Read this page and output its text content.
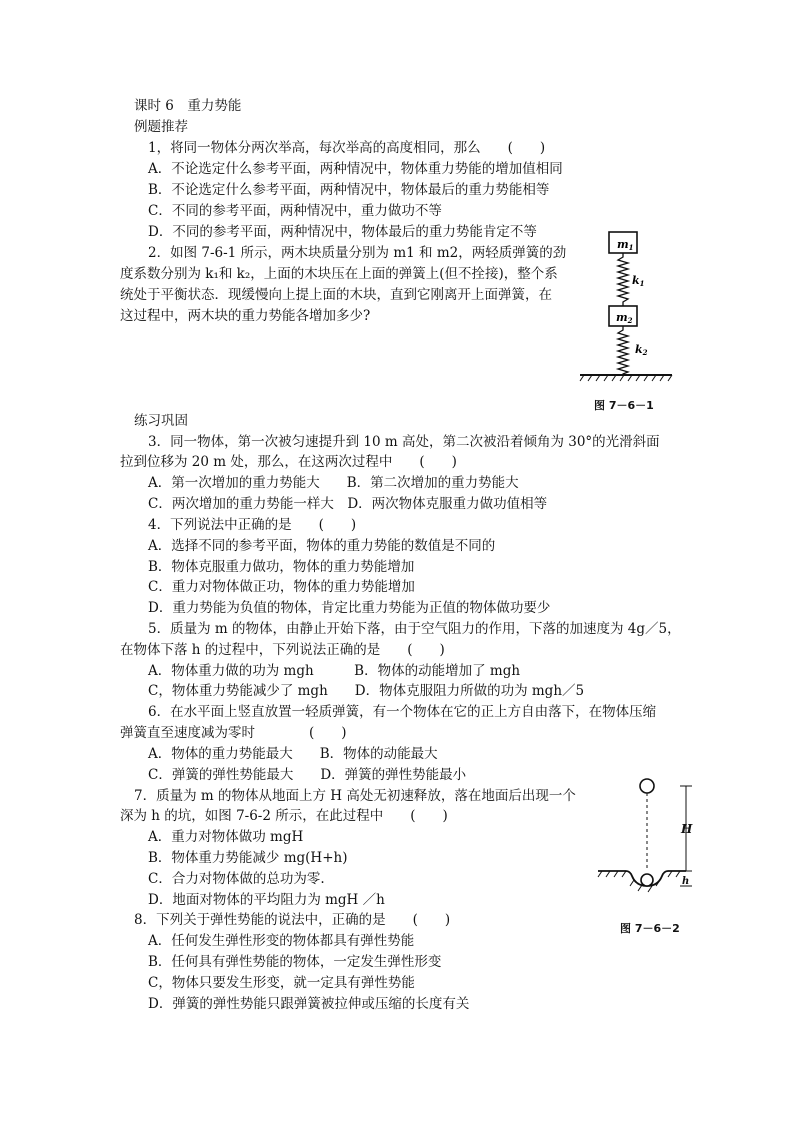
课时 6　重力势能
例题推荐
1，将同一物体分两次举高，每次举高的高度相同，那么　　(　　)
A．不论选定什么参考平面，两种情况中，物体重力势能的增加值相同
B．不论选定什么参考平面，两种情况中，物体最后的重力势能相等
C．不同的参考平面，两种情况中，重力做功不等
D．不同的参考平面，两种情况中，物体最后的重力势能肯定不等
2．如图 7-6-1 所示，两木块质量分别为 m1 和 m2，两轻质弹簧的劲
度系数分别为 k₁和 k₂，上面的木块压在上面的弹簧上(但不拴接)，整个系
统处于平衡状态．现缓慢向上提上面的木块，直到它刚离开上面弹簧，在
这过程中，两木块的重力势能各增加多少?
m1
k1
m2
k2
图 7－6－1
练习巩固
3．同一物体，第一次被匀速提升到 10 m 高处，第二次被沿着倾角为 30°的光滑斜面
拉到位移为 20 m 处，那么，在这两次过程中　　(　　)
A．第一次增加的重力势能大　　B．第二次增加的重力势能大
C．两次增加的重力势能一样大　D．两次物体克服重力做功值相等
4．下列说法中正确的是　　(　　)
A．选择不同的参考平面，物体的重力势能的数值是不同的
B．物体克服重力做功，物体的重力势能增加
C．重力对物体做正功，物体的重力势能增加
D．重力势能为负值的物体，肯定比重力势能为正值的物体做功要少
5．质量为 m 的物体，由静止开始下落，由于空气阻力的作用，下落的加速度为 4g／5，
在物体下落 h 的过程中，下列说法正确的是　　(　　)
A．物体重力做的功为 mgh　　　B．物体的动能增加了 mgh
C，物体重力势能减少了 mgh　　D．物体克服阻力所做的功为 mgh／5
6．在水平面上竖直放置一轻质弹簧，有一个物体在它的正上方自由落下，在物体压缩
弹簧直至速度减为零时　　　　(　　)
A．物体的重力势能最大　　B．物体的动能最大
C．弹簧的弹性势能最大　　D．弹簧的弹性势能最小
7．质量为 m 的物体从地面上方 H 高处无初速释放，落在地面后出现一个
深为 h 的坑，如图 7-6-2 所示，在此过程中　　(　　)
A．重力对物体做功 mgH
B．物体重力势能减少 mg(H+h)
C．合力对物体做的总功为零.
D．地面对物体的平均阻力为 mgH ／h
H
h
图 7－6－2
8．下列关于弹性势能的说法中，正确的是　　(　　)
A．任何发生弹性形变的物体都具有弹性势能
B．任何具有弹性势能的物体，一定发生弹性形变
C，物体只要发生形变，就一定具有弹性势能
D．弹簧的弹性势能只跟弹簧被拉伸或压缩的长度有关
